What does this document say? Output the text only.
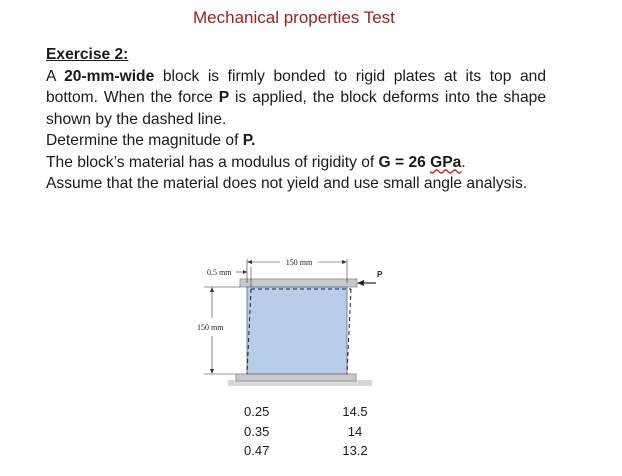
Mechanical properties Test

Exercise 2:

A 20-mm-wide block is firmly bonded to rigid plates at its top and bottom. When the force P is applied, the block deforms into the shape shown by the dashed line.

Determine the magnitude of P.

The block’s material has a modulus of rigidity of G = 26 GPa.

Assume that the material does not yield and use small angle analysis.

150 mm
0.5 mm
150 mm
P
0.25
0.35
0.47
14.5
14
13.2
